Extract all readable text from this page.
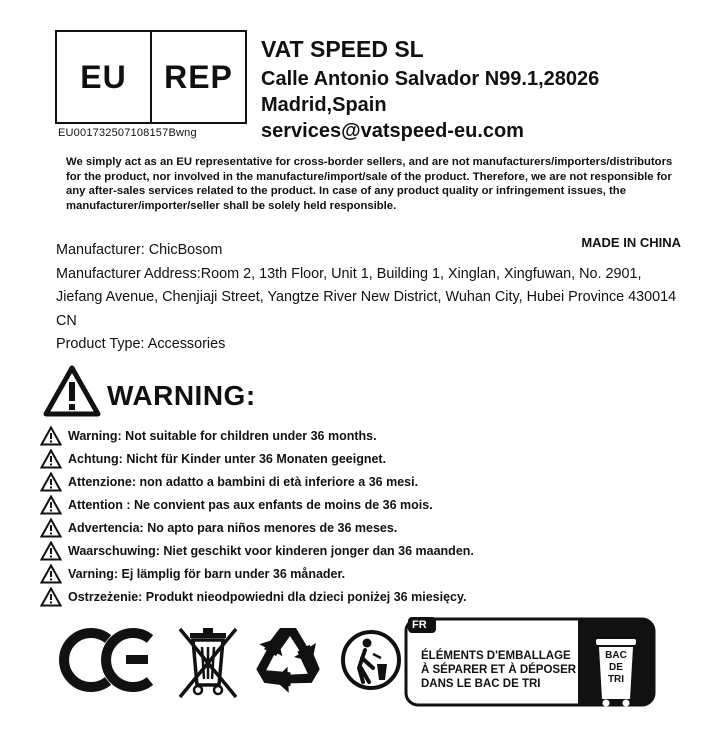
EU	REP
EU001732507108157Bwng
VAT SPEED SL
Calle Antonio Salvador N99.1,28026 Madrid,Spain
services@vatspeed-eu.com
We simply act as an EU representative for cross-border sellers, and are not manufacturers/importers/distributors for the product, nor involved in the manufacture/import/sale of the product. Therefore, we are not responsible for any after-sales services related to the product. In case of any product quality or infringement issues, the manufacturer/importer/seller shall be solely held responsible.
MADE IN CHINA
Manufacturer: ChicBosom
Manufacturer Address:Room 2, 13th Floor, Unit 1, Building 1, Xinglan, Xingfuwan, No. 2901, Jiefang Avenue, Chenjiaji Street, Yangtze River New District, Wuhan City, Hubei Province 430014 CN
Product Type: Accessories
WARNING:
Warning: Not suitable for children under 36 months.
Achtung: Nicht für Kinder unter 36 Monaten geeignet.
Attenzione: non adatto a bambini di età inferiore a 36 mesi.
Attention : Ne convient pas aux enfants de moins de 36 mois.
Advertencia: No apto para niños menores de 36 meses.
Waarschuwing: Niet geschikt voor kinderen jonger dan 36 maanden.
Varning: Ej lämplig för barn under 36 månader.
Ostrzeżenie: Produkt nieodpowiedni dla dzieci poniżej 36 miesięcy.
FR
ÉLÉMENTS D'EMBALLAGE
À SÉPARER ET À DÉPOSER
DANS LE BAC DE TRI
BAC
DE
TRI
